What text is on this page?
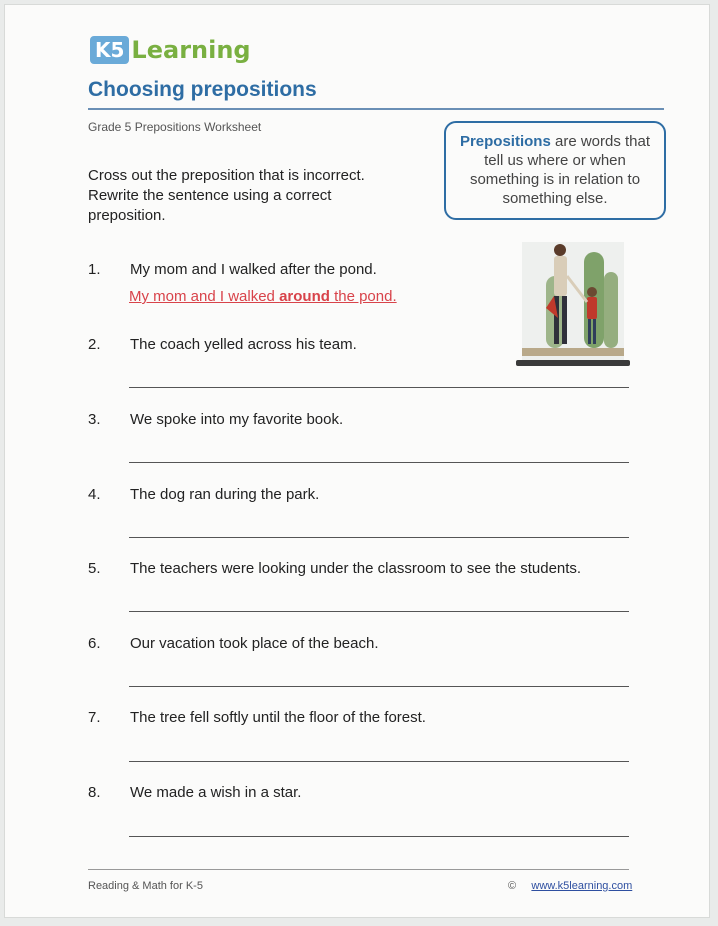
K5 Learning
Choosing prepositions
Grade 5 Prepositions Worksheet
Cross out the preposition that is incorrect. Rewrite the sentence using a correct preposition.
Prepositions are words that tell us where or when something is in relation to something else.
1.	My mom and I walked after the pond.
My mom and I walked around the pond.
2.	The coach yelled across his team.
3.	We spoke into my favorite book.
4.	The dog ran during the park.
5.	The teachers were looking under the classroom to see the students.
6.	Our vacation took place of the beach.
7.	The tree fell softly until the floor of the forest.
8.	We made a wish in a star.
Reading & Math for K-5	© www.k5learning.com
